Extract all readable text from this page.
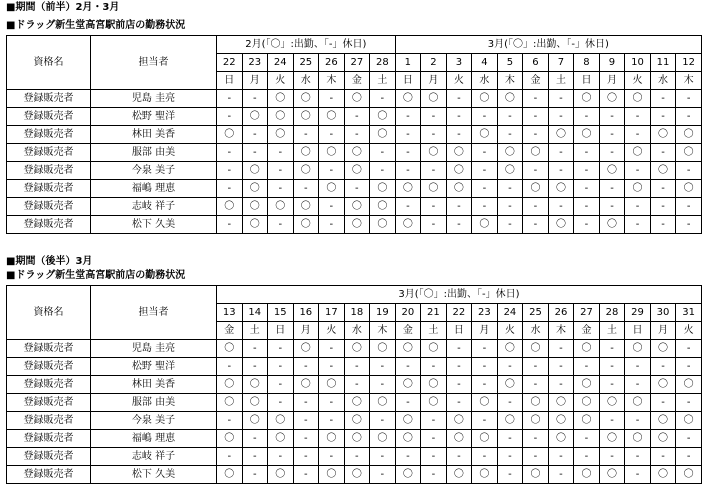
■期間（前半）2月・3月
■ドラッグ新生堂高宮駅前店の勤務状況
資格名	担当者	2月(「〇」:出勤、「-」休日)							3月(「〇」:出勤、「-」休日)											
		22	23	24	25	26	27	28	1	2	3	4	5	6	7	8	9	10	11	12
		日	月	火	水	木	金	土	日	月	火	水	木	金	土	日	月	火	水	木
登録販売者	児島 圭亮	-	-	〇	〇	-	〇	-	〇	〇	-	〇	〇	-	-	〇	〇	〇	-	-
登録販売者	松野 聖洋	-	〇	〇	〇	〇	-	〇	-	-	-	-	-	-	-	-	-	-	-	-
登録販売者	林田 美香	〇	-	〇	-	-	-	〇	-	-	-	〇	-	-	〇	〇	-	-	〇	〇
登録販売者	服部 由美	-	-	-	〇	〇	〇	-	-	〇	〇	-	〇	〇	-	-	-	〇	-	〇
登録販売者	今泉 美子	-	〇	-	〇	-	〇	-	-	-	〇	-	〇	-	-	-	〇	-	〇	-
登録販売者	福嶋 理恵	-	〇	-	-	〇	-	〇	〇	〇	〇	-	-	〇	〇	-	-	〇	-	〇
登録販売者	志岐 祥子	〇	〇	〇	〇	-	〇	〇	-	-	-	-	-	-	-	-	-	-	-	-
登録販売者	松下 久美	-	〇	-	〇	-	〇	〇	〇	-	-	〇	-	-	〇	-	〇	-	-	-
■期間（後半）3月
■ドラッグ新生堂高宮駅前店の勤務状況
資格名	担当者	3月(「〇」:出勤、「-」休日)																		
		13	14	15	16	17	18	19	20	21	22	23	24	25	26	27	28	29	30	31
		金	土	日	月	火	水	木	金	土	日	月	火	水	木	金	土	日	月	火
登録販売者	児島 圭亮	〇	-	-	〇	-	〇	〇	〇	〇	-	-	〇	〇	-	〇	-	〇	〇	-
登録販売者	松野 聖洋	-	-	-	-	-	-	-	-	-	-	-	-	-	-	-	-	-	-	-
登録販売者	林田 美香	〇	〇	-	〇	〇	-	-	〇	〇	-	-	〇	-	-	〇	-	-	〇	〇
登録販売者	服部 由美	〇	〇	-	-	-	〇	〇	-	〇	-	〇	-	〇	〇	〇	〇	〇	-	-
登録販売者	今泉 美子	-	〇	〇	-	-	〇	-	〇	-	〇	-	〇	〇	〇	〇	-	-	〇	〇
登録販売者	福嶋 理恵	〇	-	〇	-	〇	〇	〇	〇	-	〇	〇	-	-	〇	-	〇	〇	〇	-
登録販売者	志岐 祥子	-	-	-	-	-	-	-	-	-	-	-	-	-	-	-	-	-	-	-
登録販売者	松下 久美	〇	-	〇	-	〇	〇	-	〇	-	〇	〇	-	〇	-	〇	〇	-	〇	〇
